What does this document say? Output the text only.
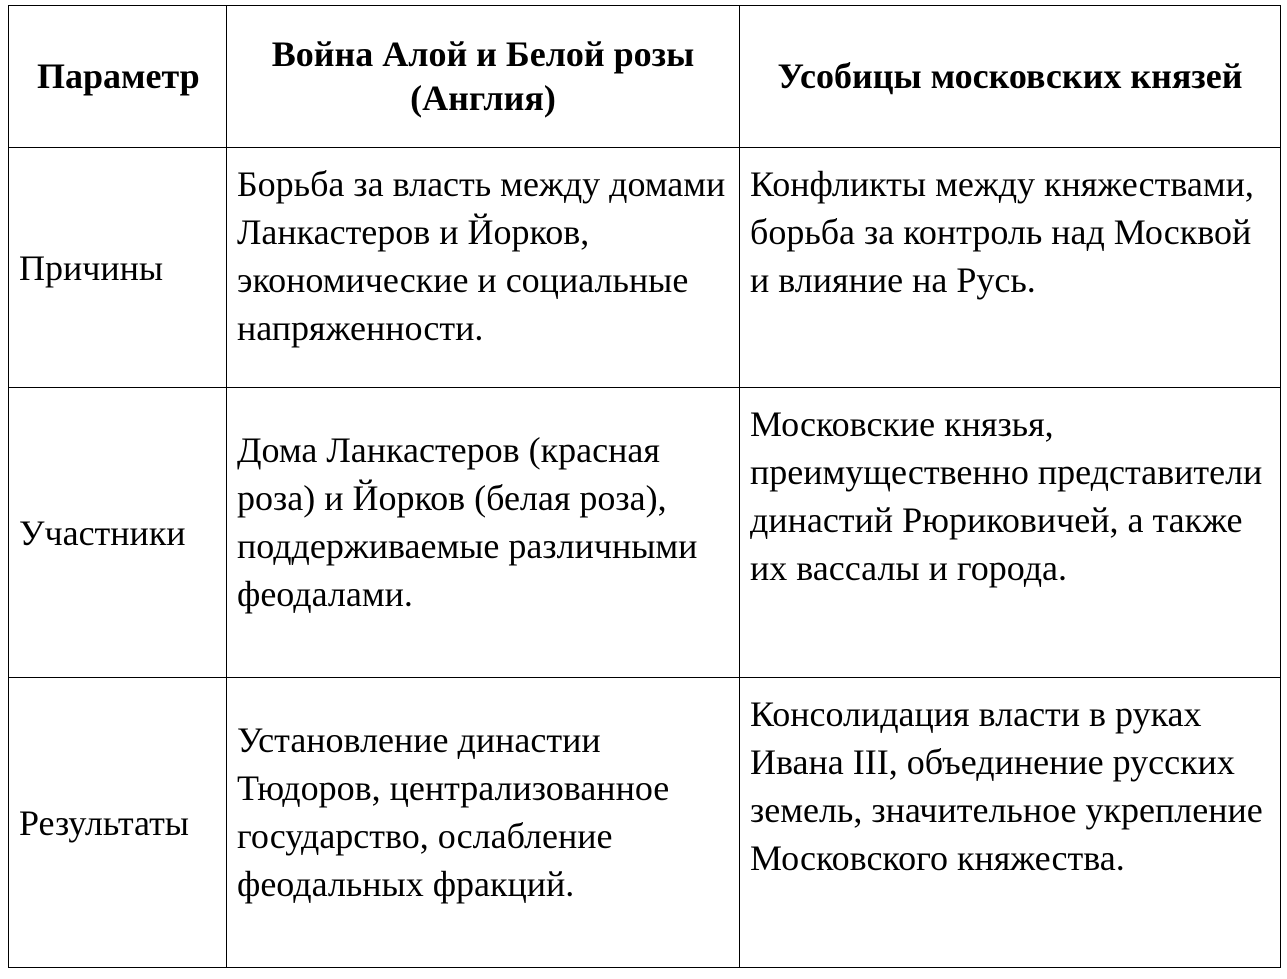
Параметр	Война Алой и Белой розы (Англия)	Усобицы московских князей
Причины	Борьба за власть между домами Ланкастеров и Йорков, экономические и социальные напряженности.	Конфликты между княжествами, борьба за контроль над Москвой и влияние на Русь.

Участники	Дома Ланкастеров (красная роза) и Йорков (белая роза), поддерживаемые различными феодалами.	Московские князья, преимущественно представители династий Рюриковичей, а также их вассалы и города.

Результаты	Установление династии Тюдоров, централизованное государство, ослабление феодальных фракций.	Консолидация власти в руках Ивана III, объединение русских земель, значительное укрепление Московского княжества.
